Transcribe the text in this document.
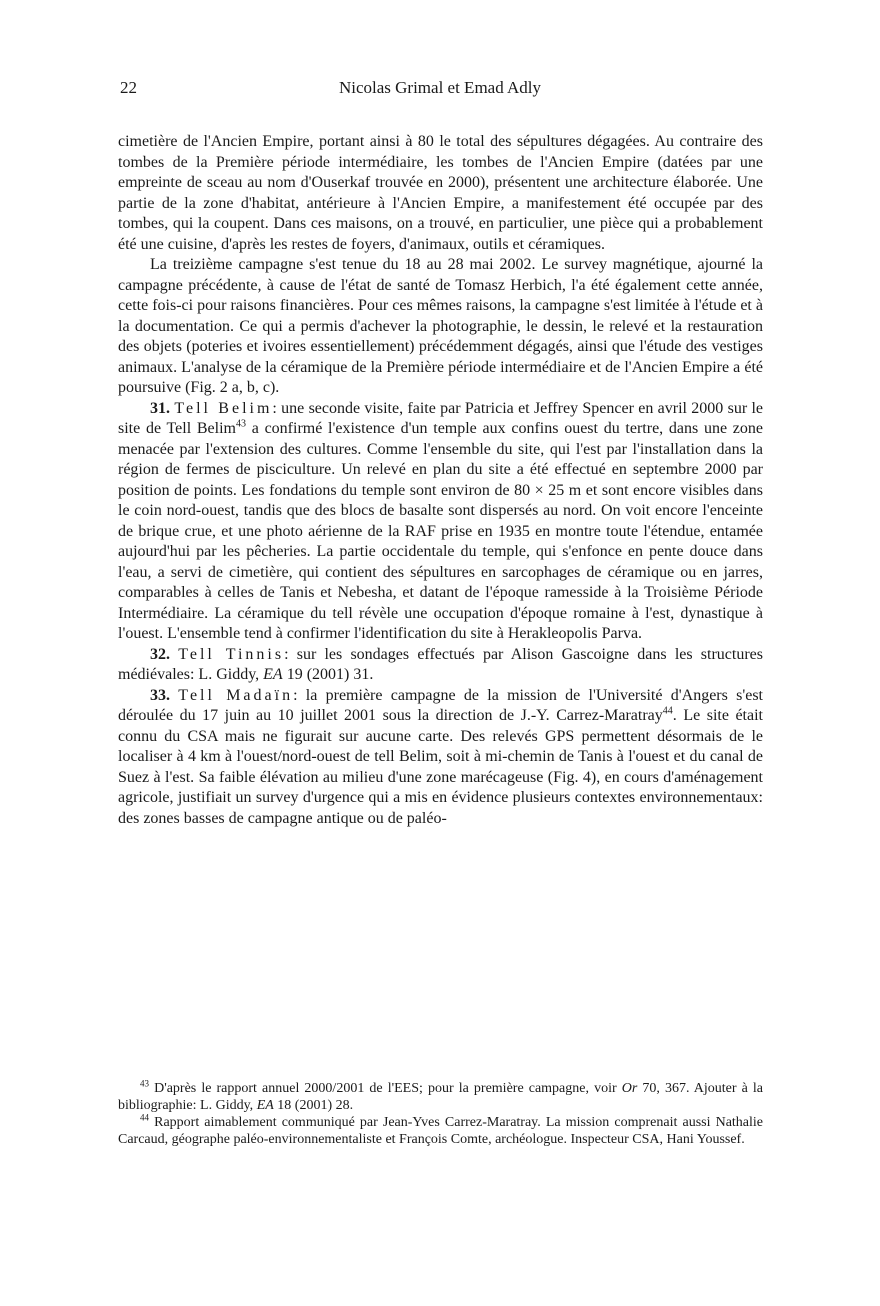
22	Nicolas Grimal et Emad Adly

cimetière de l'Ancien Empire, portant ainsi à 80 le total des sépultures dégagées. Au contraire des tombes de la Première période intermédiaire, les tombes de l'Ancien Empire (datées par une empreinte de sceau au nom d'Ouserkaf trouvée en 2000), présentent une architecture élaborée. Une partie de la zone d'habitat, antérieure à l'Ancien Empire, a manifestement été occupée par des tombes, qui la coupent. Dans ces maisons, on a trouvé, en particulier, une pièce qui a probablement été une cuisine, d'après les restes de foyers, d'animaux, outils et céramiques.

La treizième campagne s'est tenue du 18 au 28 mai 2002. Le survey magnétique, ajourné la campagne précédente, à cause de l'état de santé de Tomasz Herbich, l'a été également cette année, cette fois-ci pour raisons financières. Pour ces mêmes raisons, la campagne s'est limitée à l'étude et à la documentation. Ce qui a permis d'achever la photographie, le dessin, le relevé et la restauration des objets (poteries et ivoires essentiellement) précédemment dégagés, ainsi que l'étude des vestiges animaux. L'analyse de la céramique de la Première période intermédiaire et de l'Ancien Empire a été poursuive (Fig. 2 a, b, c).

31. Tell Belim: une seconde visite, faite par Patricia et Jeffrey Spencer en avril 2000 sur le site de Tell Belim$^{43}$ a confirmé l'existence d'un temple aux confins ouest du tertre, dans une zone menacée par l'extension des cultures. Comme l'ensemble du site, qui l'est par l'installation dans la région de fermes de pisciculture. Un relevé en plan du site a été effectué en septembre 2000 par position de points. Les fondations du temple sont environ de 80 × 25 m et sont encore visibles dans le coin nord-ouest, tandis que des blocs de basalte sont dispersés au nord. On voit encore l'enceinte de brique crue, et une photo aérienne de la RAF prise en 1935 en montre toute l'étendue, entamée aujourd'hui par les pêcheries. La partie occidentale du temple, qui s'enfonce en pente douce dans l'eau, a servi de cimetière, qui contient des sépultures en sarcophages de céramique ou en jarres, comparables à celles de Tanis et Nebesha, et datant de l'époque ramesside à la Troisième Période Intermédiaire. La céramique du tell révèle une occupation d'époque romaine à l'est, dynastique à l'ouest. L'ensemble tend à confirmer l'identification du site à Herakleopolis Parva.

32. Tell Tinnis: sur les sondages effectués par Alison Gascoigne dans les structures médiévales: L. Giddy, EA 19 (2001) 31.

33. Tell Madaïn: la première campagne de la mission de l'Université d'Angers s'est déroulée du 17 juin au 10 juillet 2001 sous la direction de J.-Y. Carrez-Maratray$^{44}$. Le site était connu du CSA mais ne figurait sur aucune carte. Des relevés GPS permettent désormais de le localiser à 4 km à l'ouest/nord-ouest de tell Belim, soit à mi-chemin de Tanis à l'ouest et du canal de Suez à l'est. Sa faible élévation au milieu d'une zone marécageuse (Fig. 4), en cours d'aménagement agricole, justifiait un survey d'urgence qui a mis en évidence plusieurs contextes environnementaux: des zones basses de campagne antique ou de paléo-

$^{43}$ D'après le rapport annuel 2000/2001 de l'EES; pour la première campagne, voir Or 70, 367. Ajouter à la bibliographie: L. Giddy, EA 18 (2001) 28.

$^{44}$ Rapport aimablement communiqué par Jean-Yves Carrez-Maratray. La mission comprenait aussi Nathalie Carcaud, géographe paléo-environnementaliste et François Comte, archéologue. Inspecteur CSA, Hani Youssef.
